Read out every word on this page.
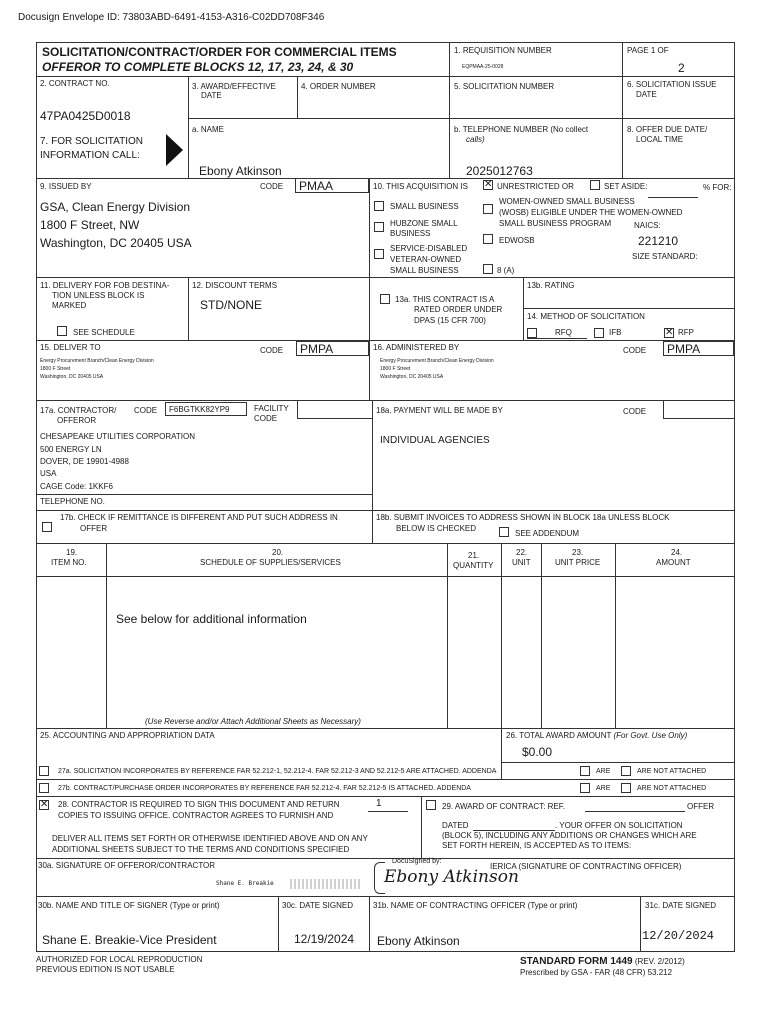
Docusign Envelope ID: 73803ABD-6491-4153-A316-C02DD708F346
SOLICITATION/CONTRACT/ORDER FOR COMMERCIAL ITEMS
OFFEROR TO COMPLETE BLOCKS 12, 17, 23, 24, & 30
1. REQUISITION NUMBER
EQPMAA-25-0028
PAGE 1 OF
2
2. CONTRACT NO.
47PA0425D0018
3. AWARD/EFFECTIVE
DATE
4. ORDER NUMBER	5. SOLICITATION NUMBER	6. SOLICITATION ISSUE
DATE
7. FOR SOLICITATION
INFORMATION CALL:
a. NAME
Ebony Atkinson
b. TELEPHONE NUMBER (No collect
calls)
2025012763
8. OFFER DUE DATE/
LOCAL TIME
9. ISSUED BY	CODE	PMAA
GSA, Clean Energy Division
1800 F Street, NW
Washington, DC 20405 USA
10. THIS ACQUISITION IS ✕ UNRESTRICTED OR	SET ASIDE:	% FOR:
SMALL BUSINESS
HUBZONE SMALL
BUSINESS
SERVICE-DISABLED
VETERAN-OWNED
SMALL BUSINESS	8 (A)
WOMEN-OWNED SMALL BUSINESS
(WOSB) ELIGIBLE UNDER THE WOMEN-OWNED
SMALL BUSINESS PROGRAM	NAICS:
EDWOSB	221210
SIZE STANDARD:
11. DELIVERY FOR FOB DESTINA-
TION UNLESS BLOCK IS
MARKED
SEE SCHEDULE
12. DISCOUNT TERMS
STD/NONE	13a. THIS CONTRACT IS A
RATED ORDER UNDER
DPAS (15 CFR 700)
13b. RATING
14. METHOD OF SOLICITATION
RFQ	IFB	✕ RFP
15. DELIVER TO	CODE	PMPA
Energy Procurement Branch/Clean Energy Division
1800 F Street
Washington, DC 20405 USA
16. ADMINISTERED BY	CODE	PMPA
Energy Procurement Branch/Clean Energy Division
1800 F Street
Washington, DC 20405 USA
17a. CONTRACTOR/
OFFEROR
CODE	F6BGTKK82YP9	FACILITY
CODE
CHESAPEAKE UTILITIES CORPORATION
500 ENERGY LN
DOVER, DE 19901-4988
USA
CAGE Code: 1KKF6
TELEPHONE NO.
18a. PAYMENT WILL BE MADE BY	CODE
INDIVIDUAL AGENCIES
17b. CHECK IF REMITTANCE IS DIFFERENT AND PUT SUCH ADDRESS IN
OFFER
18b. SUBMIT INVOICES TO ADDRESS SHOWN IN BLOCK 18a UNLESS BLOCK
BELOW IS CHECKED
SEE ADDENDUM
19.
ITEM NO.
20.
SCHEDULE OF SUPPLIES/SERVICES
21.
QUANTITY
22.
UNIT
23.
UNIT PRICE
24.
AMOUNT
See below for additional information
(Use Reverse and/or Attach Additional Sheets as Necessary)
25. ACCOUNTING AND APPROPRIATION DATA	26. TOTAL AWARD AMOUNT (For Govt. Use Only)
$0.00
27a. SOLICITATION INCORPORATES BY REFERENCE FAR 52.212-1, 52.212-4. FAR 52.212-3 AND 52.212-5 ARE ATTACHED. ADDENDA	ARE	ARE NOT ATTACHED
27b. CONTRACT/PURCHASE ORDER INCORPORATES BY REFERENCE FAR 52.212-4. FAR 52.212-5 IS ATTACHED. ADDENDA	ARE	ARE NOT ATTACHED
✕ 28. CONTRACTOR IS REQUIRED TO SIGN THIS DOCUMENT AND RETURN	1
COPIES TO ISSUING OFFICE. CONTRACTOR AGREES TO FURNISH AND
DELIVER ALL ITEMS SET FORTH OR OTHERWISE IDENTIFIED ABOVE AND ON ANY
ADDITIONAL SHEETS SUBJECT TO THE TERMS AND CONDITIONS SPECIFIED
29. AWARD OF CONTRACT: REF.	OFFER
DATED	. YOUR OFFER ON SOLICITATION
(BLOCK 5), INCLUDING ANY ADDITIONS OR CHANGES WHICH ARE
SET FORTH HEREIN, IS ACCEPTED AS TO ITEMS:
30a. SIGNATURE OF OFFEROR/CONTRACTOR
Shane E. Breakie
DocuSigned by:
Ebony Atkinson
IERICA (SIGNATURE OF CONTRACTING OFFICER)
30b. NAME AND TITLE OF SIGNER (Type or print)
Shane E. Breakie-Vice President
30c. DATE SIGNED
12/19/2024
31b. NAME OF CONTRACTING OFFICER (Type or print)
Ebony Atkinson
31c. DATE SIGNED
12/20/2024
AUTHORIZED FOR LOCAL REPRODUCTION
PREVIOUS EDITION IS NOT USABLE
STANDARD FORM 1449 (REV. 2/2012)
Prescribed by GSA - FAR (48 CFR) 53.212
